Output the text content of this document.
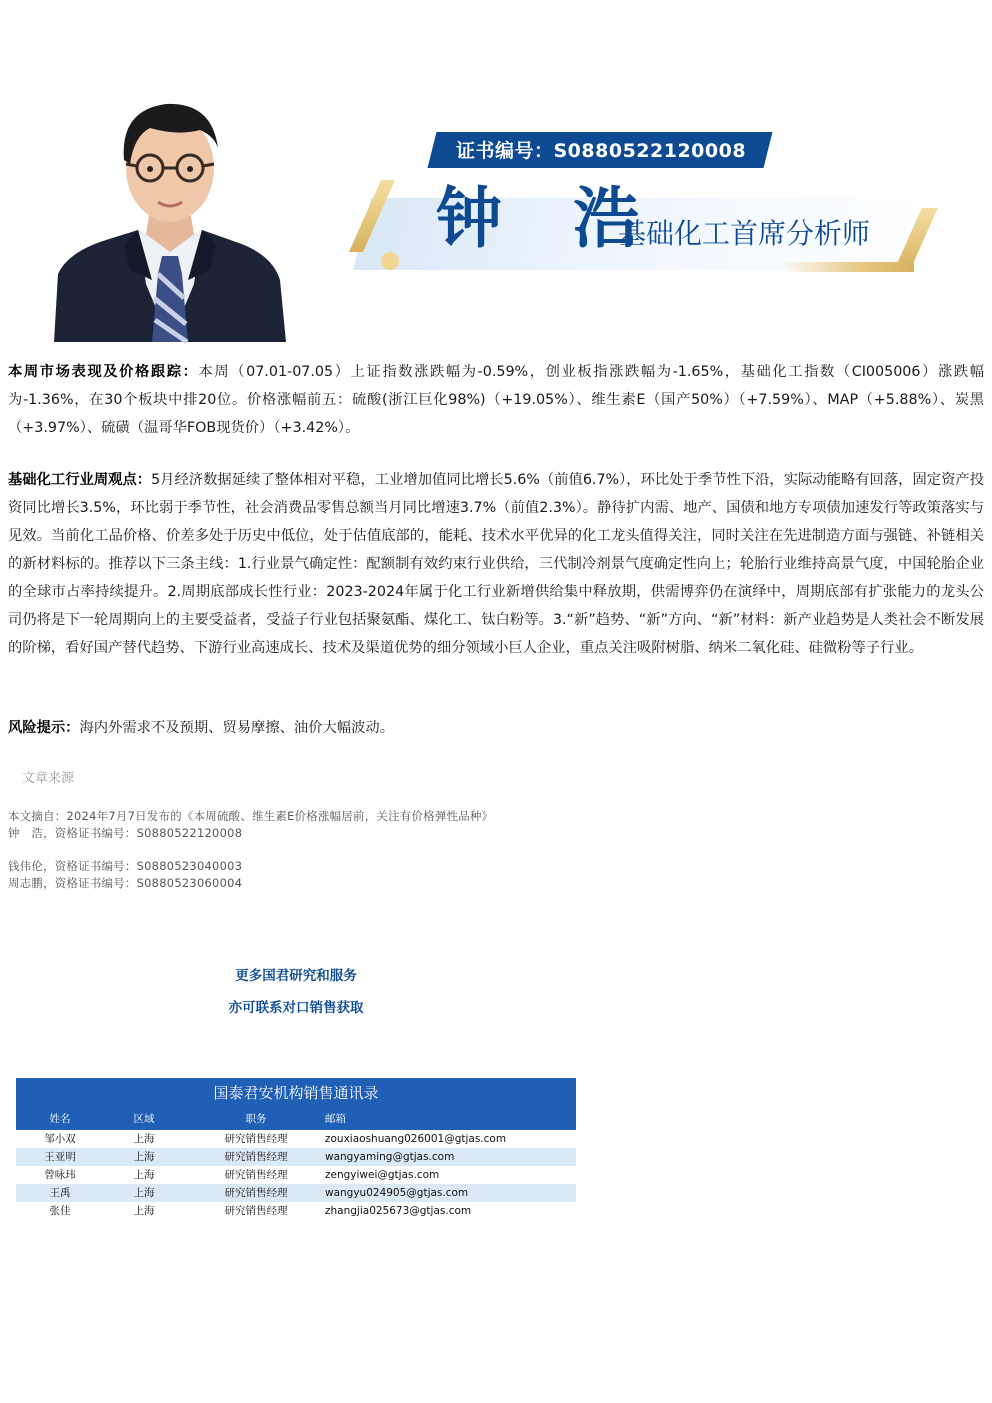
证书编号：S0880522120008
钟 浩
基础化工首席分析师
本周市场表现及价格跟踪：本周（07.01-07.05）上证指数涨跌幅为-0.59%，创业板指涨跌幅为-1.65%，基础化工指数（CI005006）涨跌幅为-1.36%，在30个板块中排20位。价格涨幅前五：硫酸(浙江巨化98%)（+19.05%）、维生素E（国产50%）（+7.59%）、MAP（+5.88%）、炭黑（+3.97%）、硫磺（温哥华FOB现货价）（+3.42%）。
基础化工行业周观点：5月经济数据延续了整体相对平稳，工业增加值同比增长5.6%（前值6.7%），环比处于季节性下沿，实际动能略有回落，固定资产投资同比增长3.5%，环比弱于季节性，社会消费品零售总额当月同比增速3.7%（前值2.3%）。静待扩内需、地产、国债和地方专项债加速发行等政策落实与见效。当前化工品价格、价差多处于历史中低位，处于估值底部的，能耗、技术水平优异的化工龙头值得关注，同时关注在先进制造方面与强链、补链相关的新材料标的。推荐以下三条主线：1.行业景气确定性：配额制有效约束行业供给，三代制冷剂景气度确定性向上；轮胎行业维持高景气度，中国轮胎企业的全球市占率持续提升。2.周期底部成长性行业：2023-2024年属于化工行业新增供给集中释放期，供需博弈仍在演绎中，周期底部有扩张能力的龙头公司仍将是下一轮周期向上的主要受益者，受益子行业包括聚氨酯、煤化工、钛白粉等。3.“新”趋势、“新”方向、“新”材料：新产业趋势是人类社会不断发展的阶梯，看好国产替代趋势、下游行业高速成长、技术及渠道优势的细分领域小巨人企业，重点关注吸附树脂、纳米二氧化硅、硅微粉等子行业。
风险提示：海内外需求不及预期、贸易摩擦、油价大幅波动。
文章来源
本文摘自：2024年7月7日发布的《本周硫酸、维生素E价格涨幅居前，关注有价格弹性品种》
钟　浩，资格证书编号：S0880522120008
钱伟伦，资格证书编号：S0880523040003
周志鹏，资格证书编号：S0880523060004
更多国君研究和服务
亦可联系对口销售获取
国泰君安机构销售通讯录
姓名	区域	职务	邮箱
邹小双	上海	研究销售经理	zouxiaoshuang026001@gtjas.com
王亚明	上海	研究销售经理	wangyaming@gtjas.com
曾咏玮	上海	研究销售经理	zengyiwei@gtjas.com
王禹	上海	研究销售经理	wangyu024905@gtjas.com
张佳	上海	研究销售经理	zhangjia025673@gtjas.com
